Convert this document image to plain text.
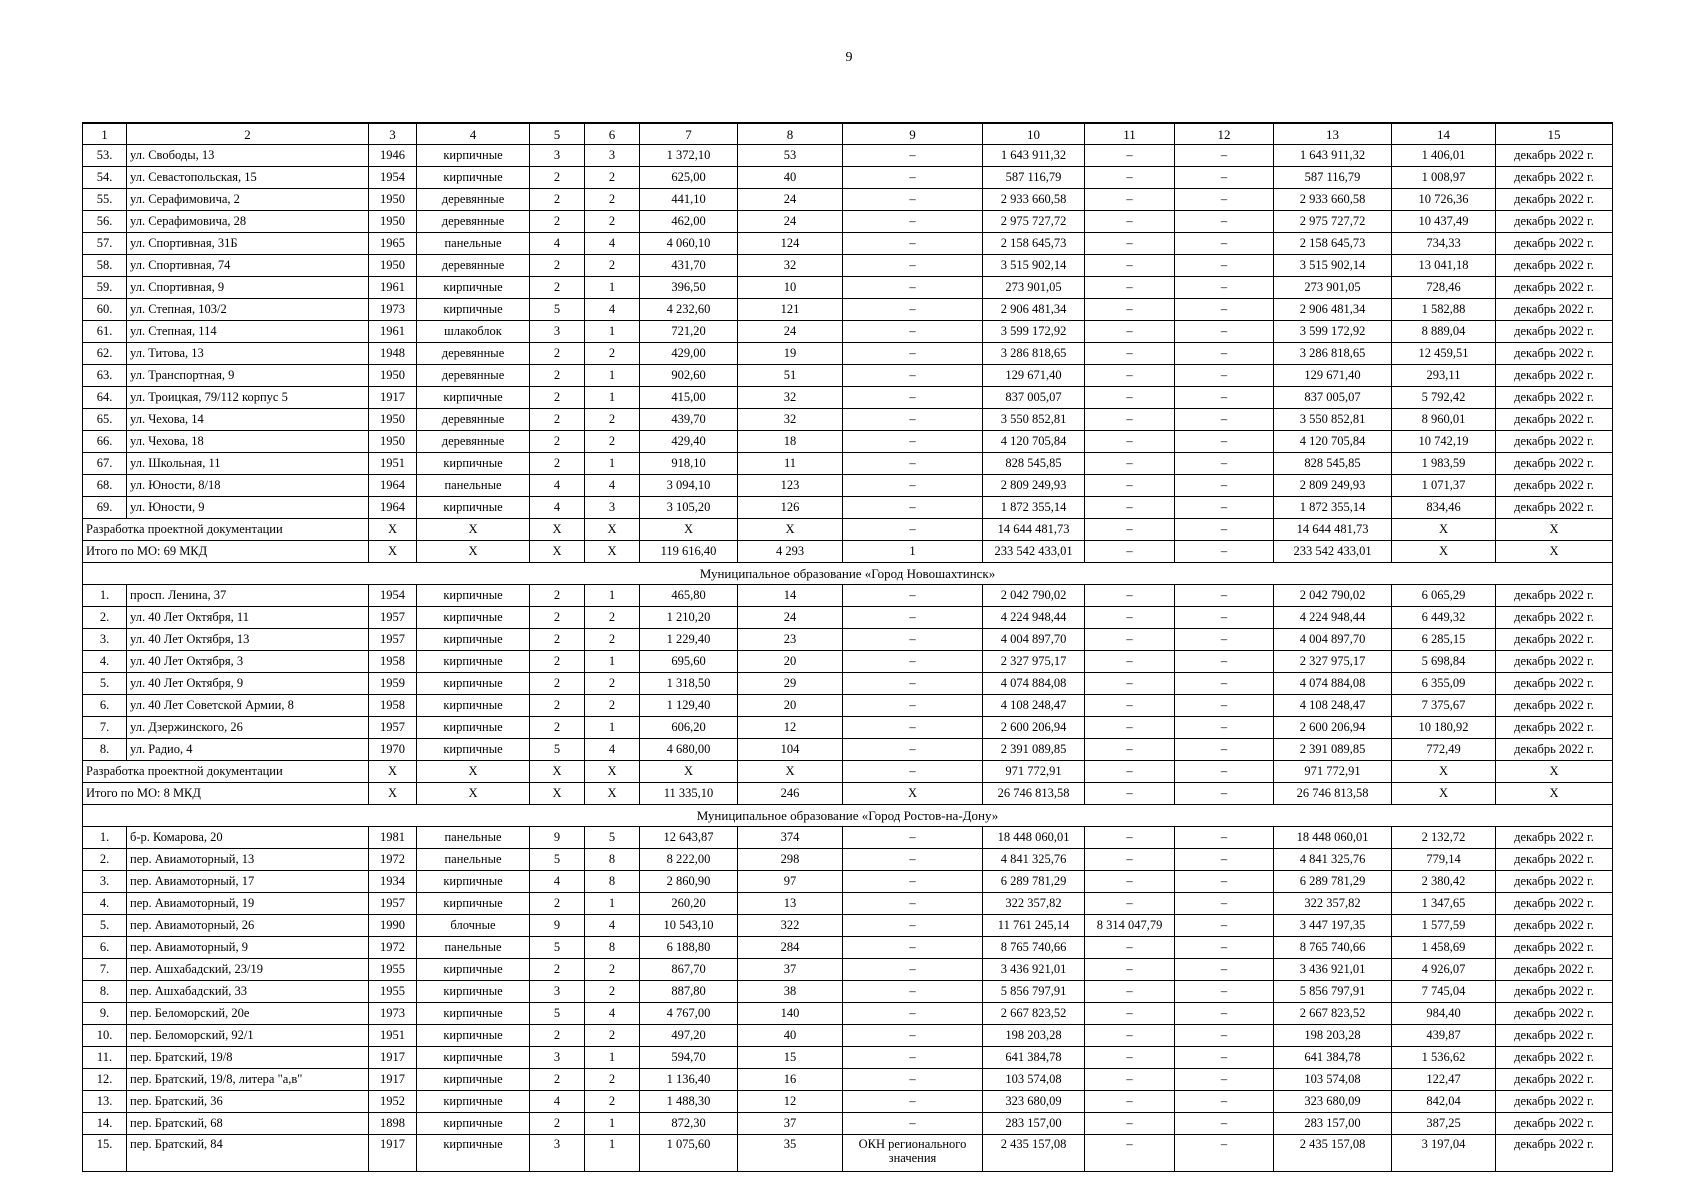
9
1	2	3	4	5	6	7	8	9	10	11	12	13	14	15
53.	ул. Свободы, 13	1946	кирпичные	3	3	1 372,10	53	–	1 643 911,32	–	–	1 643 911,32	1 406,01	декабрь 2022 г.
54.	ул. Севастопольская, 15	1954	кирпичные	2	2	625,00	40	–	587 116,79	–	–	587 116,79	1 008,97	декабрь 2022 г.
55.	ул. Серафимовича, 2	1950	деревянные	2	2	441,10	24	–	2 933 660,58	–	–	2 933 660,58	10 726,36	декабрь 2022 г.
56.	ул. Серафимовича, 28	1950	деревянные	2	2	462,00	24	–	2 975 727,72	–	–	2 975 727,72	10 437,49	декабрь 2022 г.
57.	ул. Спортивная, 31Б	1965	панельные	4	4	4 060,10	124	–	2 158 645,73	–	–	2 158 645,73	734,33	декабрь 2022 г.
58.	ул. Спортивная, 74	1950	деревянные	2	2	431,70	32	–	3 515 902,14	–	–	3 515 902,14	13 041,18	декабрь 2022 г.
59.	ул. Спортивная, 9	1961	кирпичные	2	1	396,50	10	–	273 901,05	–	–	273 901,05	728,46	декабрь 2022 г.
60.	ул. Степная, 103/2	1973	кирпичные	5	4	4 232,60	121	–	2 906 481,34	–	–	2 906 481,34	1 582,88	декабрь 2022 г.
61.	ул. Степная, 114	1961	шлакоблок	3	1	721,20	24	–	3 599 172,92	–	–	3 599 172,92	8 889,04	декабрь 2022 г.
62.	ул. Титова, 13	1948	деревянные	2	2	429,00	19	–	3 286 818,65	–	–	3 286 818,65	12 459,51	декабрь 2022 г.
63.	ул. Транспортная, 9	1950	деревянные	2	1	902,60	51	–	129 671,40	–	–	129 671,40	293,11	декабрь 2022 г.
64.	ул. Троицкая, 79/112 корпус 5	1917	кирпичные	2	1	415,00	32	–	837 005,07	–	–	837 005,07	5 792,42	декабрь 2022 г.
65.	ул. Чехова, 14	1950	деревянные	2	2	439,70	32	–	3 550 852,81	–	–	3 550 852,81	8 960,01	декабрь 2022 г.
66.	ул. Чехова, 18	1950	деревянные	2	2	429,40	18	–	4 120 705,84	–	–	4 120 705,84	10 742,19	декабрь 2022 г.
67.	ул. Школьная, 11	1951	кирпичные	2	1	918,10	11	–	828 545,85	–	–	828 545,85	1 983,59	декабрь 2022 г.
68.	ул. Юности, 8/18	1964	панельные	4	4	3 094,10	123	–	2 809 249,93	–	–	2 809 249,93	1 071,37	декабрь 2022 г.
69.	ул. Юности, 9	1964	кирпичные	4	3	3 105,20	126	–	1 872 355,14	–	–	1 872 355,14	834,46	декабрь 2022 г.
Разработка проектной документации		X	X	X	X	X	X	–	14 644 481,73	–	–	14 644 481,73	X	X
Итого по МО: 69 МКД		X	X	X	X	119 616,40	4 293	1	233 542 433,01	–	–	233 542 433,01	X	X
Муниципальное образование «Город Новошахтинск»														
1.	просп. Ленина, 37	1954	кирпичные	2	1	465,80	14	–	2 042 790,02	–	–	2 042 790,02	6 065,29	декабрь 2022 г.
2.	ул. 40 Лет Октября, 11	1957	кирпичные	2	2	1 210,20	24	–	4 224 948,44	–	–	4 224 948,44	6 449,32	декабрь 2022 г.
3.	ул. 40 Лет Октября, 13	1957	кирпичные	2	2	1 229,40	23	–	4 004 897,70	–	–	4 004 897,70	6 285,15	декабрь 2022 г.
4.	ул. 40 Лет Октября, 3	1958	кирпичные	2	1	695,60	20	–	2 327 975,17	–	–	2 327 975,17	5 698,84	декабрь 2022 г.
5.	ул. 40 Лет Октября, 9	1959	кирпичные	2	2	1 318,50	29	–	4 074 884,08	–	–	4 074 884,08	6 355,09	декабрь 2022 г.
6.	ул. 40 Лет Советской Армии, 8	1958	кирпичные	2	2	1 129,40	20	–	4 108 248,47	–	–	4 108 248,47	7 375,67	декабрь 2022 г.
7.	ул. Дзержинского, 26	1957	кирпичные	2	1	606,20	12	–	2 600 206,94	–	–	2 600 206,94	10 180,92	декабрь 2022 г.
8.	ул. Радио, 4	1970	кирпичные	5	4	4 680,00	104	–	2 391 089,85	–	–	2 391 089,85	772,49	декабрь 2022 г.
Разработка проектной документации		X	X	X	X	X	X	–	971 772,91	–	–	971 772,91	X	X
Итого по МО: 8 МКД		X	X	X	X	11 335,10	246	X	26 746 813,58	–	–	26 746 813,58	X	X
Муниципальное образование «Город Ростов-на-Дону»														
1.	б-р. Комарова, 20	1981	панельные	9	5	12 643,87	374	–	18 448 060,01	–	–	18 448 060,01	2 132,72	декабрь 2022 г.
2.	пер. Авиамоторный, 13	1972	панельные	5	8	8 222,00	298	–	4 841 325,76	–	–	4 841 325,76	779,14	декабрь 2022 г.
3.	пер. Авиамоторный, 17	1934	кирпичные	4	8	2 860,90	97	–	6 289 781,29	–	–	6 289 781,29	2 380,42	декабрь 2022 г.
4.	пер. Авиамоторный, 19	1957	кирпичные	2	1	260,20	13	–	322 357,82	–	–	322 357,82	1 347,65	декабрь 2022 г.
5.	пер. Авиамоторный, 26	1990	блочные	9	4	10 543,10	322	–	11 761 245,14	8 314 047,79	–	3 447 197,35	1 577,59	декабрь 2022 г.
6.	пер. Авиамоторный, 9	1972	панельные	5	8	6 188,80	284	–	8 765 740,66	–	–	8 765 740,66	1 458,69	декабрь 2022 г.
7.	пер. Ашхабадский, 23/19	1955	кирпичные	2	2	867,70	37	–	3 436 921,01	–	–	3 436 921,01	4 926,07	декабрь 2022 г.
8.	пер. Ашхабадский, 33	1955	кирпичные	3	2	887,80	38	–	5 856 797,91	–	–	5 856 797,91	7 745,04	декабрь 2022 г.
9.	пер. Беломорский, 20е	1973	кирпичные	5	4	4 767,00	140	–	2 667 823,52	–	–	2 667 823,52	984,40	декабрь 2022 г.
10.	пер. Беломорский, 92/1	1951	кирпичные	2	2	497,20	40	–	198 203,28	–	–	198 203,28	439,87	декабрь 2022 г.
11.	пер. Братский, 19/8	1917	кирпичные	3	1	594,70	15	–	641 384,78	–	–	641 384,78	1 536,62	декабрь 2022 г.
12.	пер. Братский, 19/8, литера "а,в"	1917	кирпичные	2	2	1 136,40	16	–	103 574,08	–	–	103 574,08	122,47	декабрь 2022 г.
13.	пер. Братский, 36	1952	кирпичные	4	2	1 488,30	12	–	323 680,09	–	–	323 680,09	842,04	декабрь 2022 г.
14.	пер. Братский, 68	1898	кирпичные	2	1	872,30	37	–	283 157,00	–	–	283 157,00	387,25	декабрь 2022 г.
15.	пер. Братский, 84	1917	кирпичные	3	1	1 075,60	35	ОКН регионального значения	2 435 157,08	–	–	2 435 157,08	3 197,04	декабрь 2022 г.
